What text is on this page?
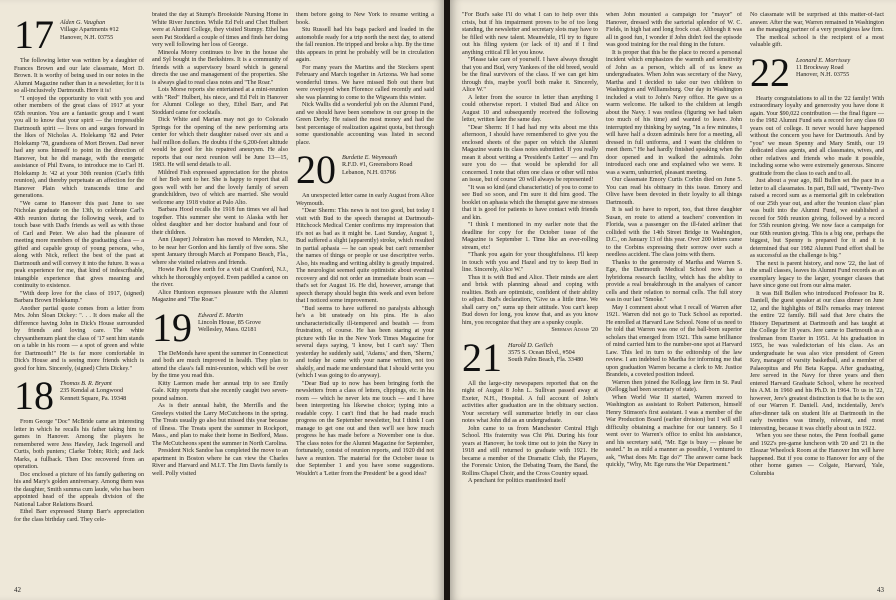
17 Alden G. Vaughan
Village Apartments #12
Hanover, N.H. 03755

The following letter was written by a daughter of Frances Brown and our late classmate, Mort D. Brown. It is worthy of being used in our notes in the Alumni Magazine rather than in a newsletter, for it is so all-inclusively Dartmouth. Here it is!

"I enjoyed the opportunity to visit with you and other members of the great class of 1917 at your 65th reunion. You are a fantastic group and I want you all to know that your spirit — the irrepressible Dartmouth spirit — lives on and surges forward in the likes of Nicholas A. Holekamp '82 and Peter Holekamp '78, grandsons of Mort Brown. Dad never had any sons himself to point in the direction of Hanover, but he did manage, with the energetic assistance of Phil Evans, to introduce me to Carl H. Holekamp Jr. '42 at your 30th reunion (Carl's fifth reunion), and thereby perpetuate an affection for the Hanover Plain which transcends time and generations.

"We came to Hanover this past June to see Nicholas graduate on the 13th, to celebrate Carl's 40th reunion during the following week, and to touch base with Dad's friends as well as with those of Carl and Peter. We also had the pleasure of meeting more members of the graduating class — a gifted and capable group of young persons, who, along with Nick, reflect the best of the past at Dartmouth and will convey it into the future. It was a peak experience for me, that kind of indescribable, intangible experience that gives meaning and continuity to existence.

"With deep love for the class of 1917, (signed) Barbara Brown Holekamp."

Another partial quote comes from a letter from Mrs. John Sloan Dickey: ". . . It does make all the difference having John in Dick's House surrounded by friends and loving care. The white chrysanthemum plant the class of '17 sent him stands on a table in his room — a spot of green and white for Dartmouth!" He is far more comfortable in Dick's House and is seeing more friends which is good for him. Sincerely, (signed) Chris Dickey."

18 Thomas B. R. Bryant
235 Kendal at Longwood
Kennett Square, Pa. 19348

From George "Doc" McBride came an interesting letter in which he recalls his father taking him to games in Hanover. Among the players he remembered were Jess Hawley, Jack Ingersoll and Curtis, both punters; Clarke Tobin; Rich; and Jack Marks, a fullback. Then Doc recovered from an operation.

Doc enclosed a picture of his family gathering on his and Mary's golden anniversary. Among them was the daughter, Smith summa cum laude, who has been appointed head of the appeals division of the National Labor Relations Board.

Ethel Barr expressed Stump Barr's appreciation for the class birthday card. They cele-

brated the day at Stump's Brookside Nursing Home in White River Junction. While Ed Felt and Chet Hulbert were at Alumni College, they visited Stumpy. Ethel has seen Pat Stoddard a couple of times and finds her doing very well following her loss of George.

Mineola Morey continues to live in the house she and Syl bought in the Berkshires. It is a community of friends with a supervisory board which is general directs the use and management of the properties. She is always glad to read class notes and "The Roar."

Lois Morse reports she entertained at a mini-reunion with "Red" Hulbert, his niece, and Ed Felt in Hanover for Alumni College so they, Ethel Barr, and Pat Stoddard came for cocktails.

Dick White and Marian may not go to Colorado Springs for the opening of the new performing arts center for which their daughter raised over six and a half million dollars. He doubts if the 6,200-feet altitude would be good for his repaired aneurysm. He also reports that our next reunion will be June 13—15, 1983. He will send details to all.

Mildred Fish expressed appreciation for the photos of her Bob sent to her. She is happy to report that all goes well with her and the lovely family of seven grandchildren, two of which are married. She would welcome any 1918 visitor at Palo Alto.

Barbara Hood recalls the 1918 fun times we all had together. This summer she went to Alaska with her oldest daughter and her doctor husband and four of their children.

Ann (Jasper) Johnston has moved to Menden, N.J., to be near her Gordon and his family of five sons. She spent January through March at Pompano Beach, Fla., where she visited relatives and friends.

Howie Park flew north for a visit at Cranford, N.J., which he thoroughly enjoyed. Even paddled a canoe on the river.

Alice Huntoon expresses pleasure with the Alumni Magazine and "The Roar."

19 Edward E. Martin
Lincoln House, 85 Grove
Wellesley, Mass. 02181

The DeMonds have spent the summer in Connecticut and both are much improved in health. They plan to attend the class's fall mini-reunion, which will be over by the time you read this.

Kitty Larmon made her annual trip to see Emily Gale. Kitty reports that she recently caught two seven-pound salmon.

As is their annual habit, the Merrills and the Greeleys visited the Larry McCutcheons in the spring. The Treats usually go also but missed this year because of illness. The Treats spent the summer in Rockport, Mass., and plan to make their home in Bedford, Mass. The McCutcheons spent the summer in North Carolina.

President Nick Sandoe has completed the move to an apartment in Boston where he can view the Charles River and Harvard and M.I.T. The Jim Davis family is well. Polly visited

them before going to New York to resume writing a book.

Stu Russell had his bags packed and loaded in the automobile ready for a trip north the next day, to attend the fall reunion. He tripped and broke a hip. By the time this appears in print he probably will be in circulation again.

For many years the Martins and the Steckers spent February and March together in Arizona. We had some wonderful times. We have missed Bob out there but were overjoyed when Florence called recently and said she was planning to come to the Wigwam this winter.

Nick Wallis did a wonderful job on the Alumni Fund, and we should have been somehow in our group in the Green Derby. He raised the most money and had the best percentage of realization against quota, but through some questionable accounting was listed in second place.

20 Burdette E. Weymouth
R.F.D. #1, Greensboro Road
Lebanon, N.H. 03766

An unexpected letter came in early August from Alice Weymouth.

"Dear Sherm: This news is not too good, but today I visit with Bud to the speech therapist at Dartmouth-Hitchcock Medical Center confirms my impression that it's not as bad as it might be. Last Sunday, August 1, Bud suffered a slight (apparently) stroke, which resulted in partial aphasia — he can speak but can't remember the names of things or people or use descriptive verbs. Also, his reading and writing ability is greatly impaired. The neurologist seemed quite optimistic about eventual recovery and did not order an immediate brain scan — that's set for August 16. He did, however, arrange that speech therapy should begin this week and even before that I noticed some improvement.

"Bud seems to have suffered no paralysis although he's a bit unsteady on his pins. He is also uncharacteristically ill-tempered and beatish — from frustration, of course. He has been staring at your picture with Ike in the New York Times Magazine for several days saying, 'I know, but I can't say.' Then yesterday he suddenly said, 'Adams,' and then, 'Sherm,' and today he came with your name written, not too shakily, and made me understand that I should write you (which I was going to do anyway).

"Dear Bud up to now has been bringing forth the newsletters from a class of letters, clippings, etc. in his room — which he never lets me touch — and I have been interpreting his likewise choice; typing into a readable copy. I can't find that he had made much progress on the September newsletter, but I think I can manage to get one out and then we'll see how much progress he has made before a November one is due. The class notes for the Alumni Magazine for September, fortunately, consist of reunion reports, and 1920 did not have a reunion. The material for the October issue is due September 1 and you have some suggestions. Wouldn't a 'Letter from the President' be a good idea?

42

"For Bud's sake I'll do what I can to help over this crisis, but if his impairment proves to be of too long standing, the newsletter and secretary slots may have to be filled with new talent. Meanwhile, I'll try to figure out his filing system (or lack of it) and if I find anything critical I'll let you know.

"Please take care of yourself. I have always thought that you and Bud, very Yankees of the old breed, would be the final survivors of the class. If we can get him through this, maybe you'll both make it. Sincerely, Alice W."

A letter from the source in letter than anything I could otherwise report. I visited Bud and Alice on August 10 and subsequently received the following letter, written later the same day.

"Dear Sherm: If I had had my wits about me this afternoon, I should have remembered to give you the enclosed sheets of the paper on which the Alumni Magazine wants its class notes submitted. If you really mean it about writing a 'President's Letter' — and I'm sure you do — that would be splendid for all concerned. I note that often one class or other will miss an issue, but of course '20 will always be represented!

"It was so kind (and characteristic) of you to come to see Bud so soon, and I'm sure it did him good. The booklet on aphasia which the therapist gave me stresses that it is good for patients to have contact with friends and kin.

"I think I mentioned in my earlier note that the deadline for copy for the October issue of the Magazine is September 1. Time like an ever-rolling stream, etc!

"Thank you again for your thoughtfulness. I'll keep in touch with you and Hazel and try to keep Bud in line. Sincerely, Alice W."

Thus it is with Bud and Alice. Their minds are alert and brisk with planning ahead and coping with realities. Both are optimistic, confident of their ability to adjust. Bud's declaration, "Give us a little time. We shall carry on," sums up their attitude. You can't keep Bud down for long, you know that, and as you know him, you recognize that they are a spunky couple.

Sherman Adams '20

21 Harold D. Geilich
3575 S. Ocean Blvd., #504
South Palm Beach, Fla. 33480

All the large-city newspapers reported that on the night of August 8 John L. Sullivan passed away at Exeter, N.H., Hospital. A full account of John's activities after graduation are in the obituary section. Your secretary will summarize briefly in our class notes what John did as an undergraduate.

John came to us from Manchester Central High School. His fraternity was Chi Phi. During his four years at Hanover, he took time out to join the Navy in 1918 and still returned to graduate with 1921. He became a member of the Dramatic Club, the Players, the Forensic Union, the Debating Team, the Band, the Rollins Chapel Choir, and the Cross Country squad.

A penchant for politics manifested itself

when John mounted a campaign for "mayor" of Hanover, dressed with the sartorial splendor of W. C. Fields, in high hat and long frock coat. Although it was all in good fun, I wonder if John didn't feel the episode was good training for the real thing in the future.

It is proper that this be the place to record a personal incident which emphasizes the warmth and sensitivity of John as a person, which all of us knew as undergraduates. When John was secretary of the Navy, Martha and I decided to take our two children to Washington and Williamsburg. Our day in Washington included a visit to John's Navy office. He gave us a warm welcome. He talked to the children at length about the Navy. I was restless (figuring we had taken too much of his time) and wanted to leave. John interrupted my thinking by saying, "In a few minutes, I will have half a dozen admirals here for a meeting, all dressed in full uniforms, and I want the children to meet them." He had hardly finished speaking when the door opened and in walked the admirals. John introduced each one and explained who we were. It was a warm, unhurried, pleasant meeting.

Our classmate Emory Curtis Corbin died on June 5. You can read his obituary in this issue. Emory and Olive have been devoted in their loyalty to all things Dartmouth.

It is sad to have to report, too, that three daughter Susan, en route to attend a teachers' convention in Florida, was a passenger on the ill-fated airliner that collided with the 14th Street Bridge in Washington, D.C., on January 13 of this year. Over 200 letters came to the Corbins expressing their sorrow over such a needless accident. The class joins with them.

Thanks to the generosity of Martha and Warren S. Ege, the Dartmouth Medical School now has a hybridoma research facility, which has the ability to provide a real breakthrough in the analyses of cancer cells and their relation to normal cells. The full story was in our last "Smoke."

May I comment about what I recall of Warren after 1921. Warren did not go to Tuck School as reported. He enrolled at Harvard Law School. None of us need to be told that Warren was one of the ball-born superior scholars that emerged from 1921. This same brilliance of mind carried him to the number-one spot at Harvard Law. This led in turn to the editorship of the law review. I am indebted to Martha for informing me that upon graduation Warren became a clerk to Mr. Justice Brandeis, a coveted position indeed.

Warren then joined the Kellogg law firm in St. Paul (Kellogg had been secretary of state).

When World War II started, Warren moved to Washington as assistant to Robert Patterson, himself Henry Stimson's first assistant. I was a member of the War Production Board (earlier division) but I will still difficulty obtaining a machine for our tannery. So I went over to Warren's office to enlist his assistance, and his secretary said, "Mr. Ege is busy — please be seated." In as mild a manner as possible, I ventured to ask, "What does Mr. Ege do?" The answer came back quickly, "Why, Mr. Ege runs the War Department."

No classmate will be surprised at this matter-of-fact answer. After the war, Warren remained in Washington as the managing partner of a very prestigious law firm.

The medical school is the recipient of a most valuable gift.

22 Leonard E. Morrissey
11 Brockway Road
Hanover, N.H. 03755

Hearty congratulations to all in the '22 family! With extraordinary loyalty and generosity you have done it again. Your $90,022 contribution — the final figure — to the 1982 Alumni Fund sets a record for any class 60 years out of college. It never would have happened without the concern you have for Dartmouth. And by "you" we mean Spenny and Mary Smith, our 19 dedicated class agents, and all classmates, wives, and other relatives and friends who made it possible, including some who were extremely generous. Sincere gratitude from the class to each and to all.

Just about a year ago, Bill Bullen set the pace in a letter to all classmates. In part, Bill said, "Twenty-Two raised a record sum as a memorial gift in celebration of our 25th year out, and after the 'reunion class' plan was built into the Alumni Fund, we established a record for 50th reunion giving, followed by a record for 55th reunion giving. We now face a campaign for our 60th reunion giving. This is a big one, perhaps the biggest, but Spenny is prepared for it and it is determined that our 1982 Alumni Fund effort shall be as successful as the challenge is big."

The next is parent history, and now '22, the last of the small classes, leaves its Alumni Fund records as an exemplary legacy to the larger, younger classes that have since gone out from our alma mater.

It was Bill Bullen who introduced Professor Ira R. Daniell, the guest speaker at our class dinner on June 12, and the highlights of Bill's remarks may interest the entire '22 family. Bill said that Jere chairs the History Department at Dartmouth and has taught at the College for 18 years. Jere came to Dartmouth as a freshman from Exeter in 1951. At his graduation in 1955, he was valedictorian of his class. As an undergraduate he was also vice president of Green Key, manager of varsity basketball, and a member of Palaeopitus and Phi Beta Kappa. After graduating, Jere served in the Navy for three years and then entered Harvard Graduate School, where he received his A.M. in 1960 and his Ph.D. in 1964. To us in '22, however, Jere's greatest distinction is that he is the son of our Warren F. Daniell. And, incidentally, Jere's after-dinner talk on student life at Dartmouth in the early twenties was timely, relevant, and most interesting, because it was chiefly about us in 1922.

When you see these notes, the Penn football game and 1922's pre-game luncheon with '20 and '21 in the Eleazar Wheelock Room at the Hanover Inn will have happened. But if you come to Hanover for any of the other home games — Colgate, Harvard, Yale, Columbia

43
